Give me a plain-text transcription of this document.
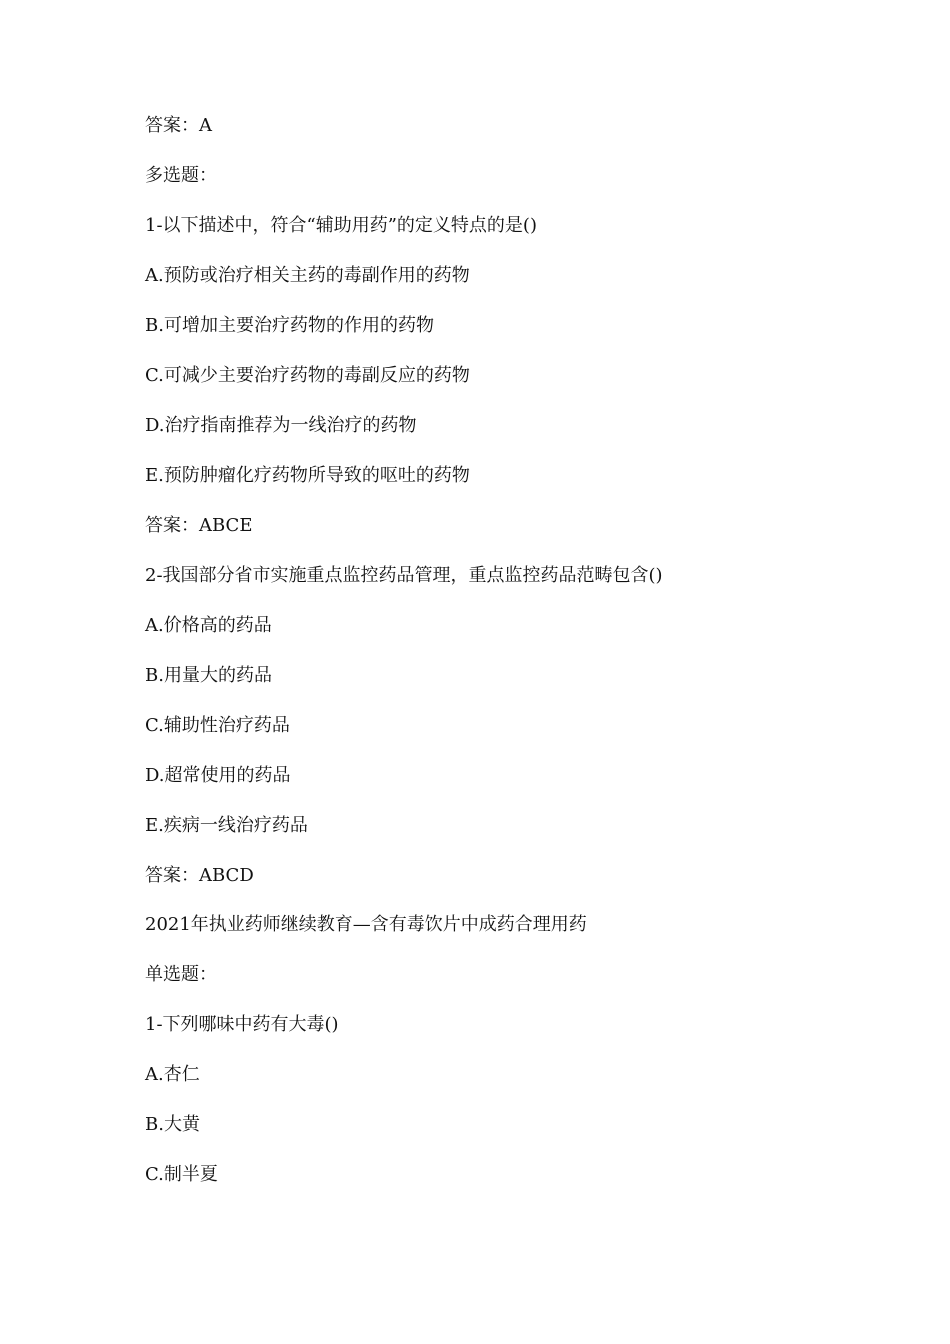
答案：A
多选题：
1-以下描述中，符合“辅助用药”的定义特点的是()
A.预防或治疗相关主药的毒副作用的药物
B.可增加主要治疗药物的作用的药物
C.可减少主要治疗药物的毒副反应的药物
D.治疗指南推荐为一线治疗的药物
E.预防肿瘤化疗药物所导致的呕吐的药物
答案：ABCE
2-我国部分省市实施重点监控药品管理，重点监控药品范畴包含()
A.价格高的药品
B.用量大的药品
C.辅助性治疗药品
D.超常使用的药品
E.疾病一线治疗药品
答案：ABCD
2021年执业药师继续教育—含有毒饮片中成药合理用药
单选题：
1-下列哪味中药有大毒()
A.杏仁
B.大黄
C.制半夏
